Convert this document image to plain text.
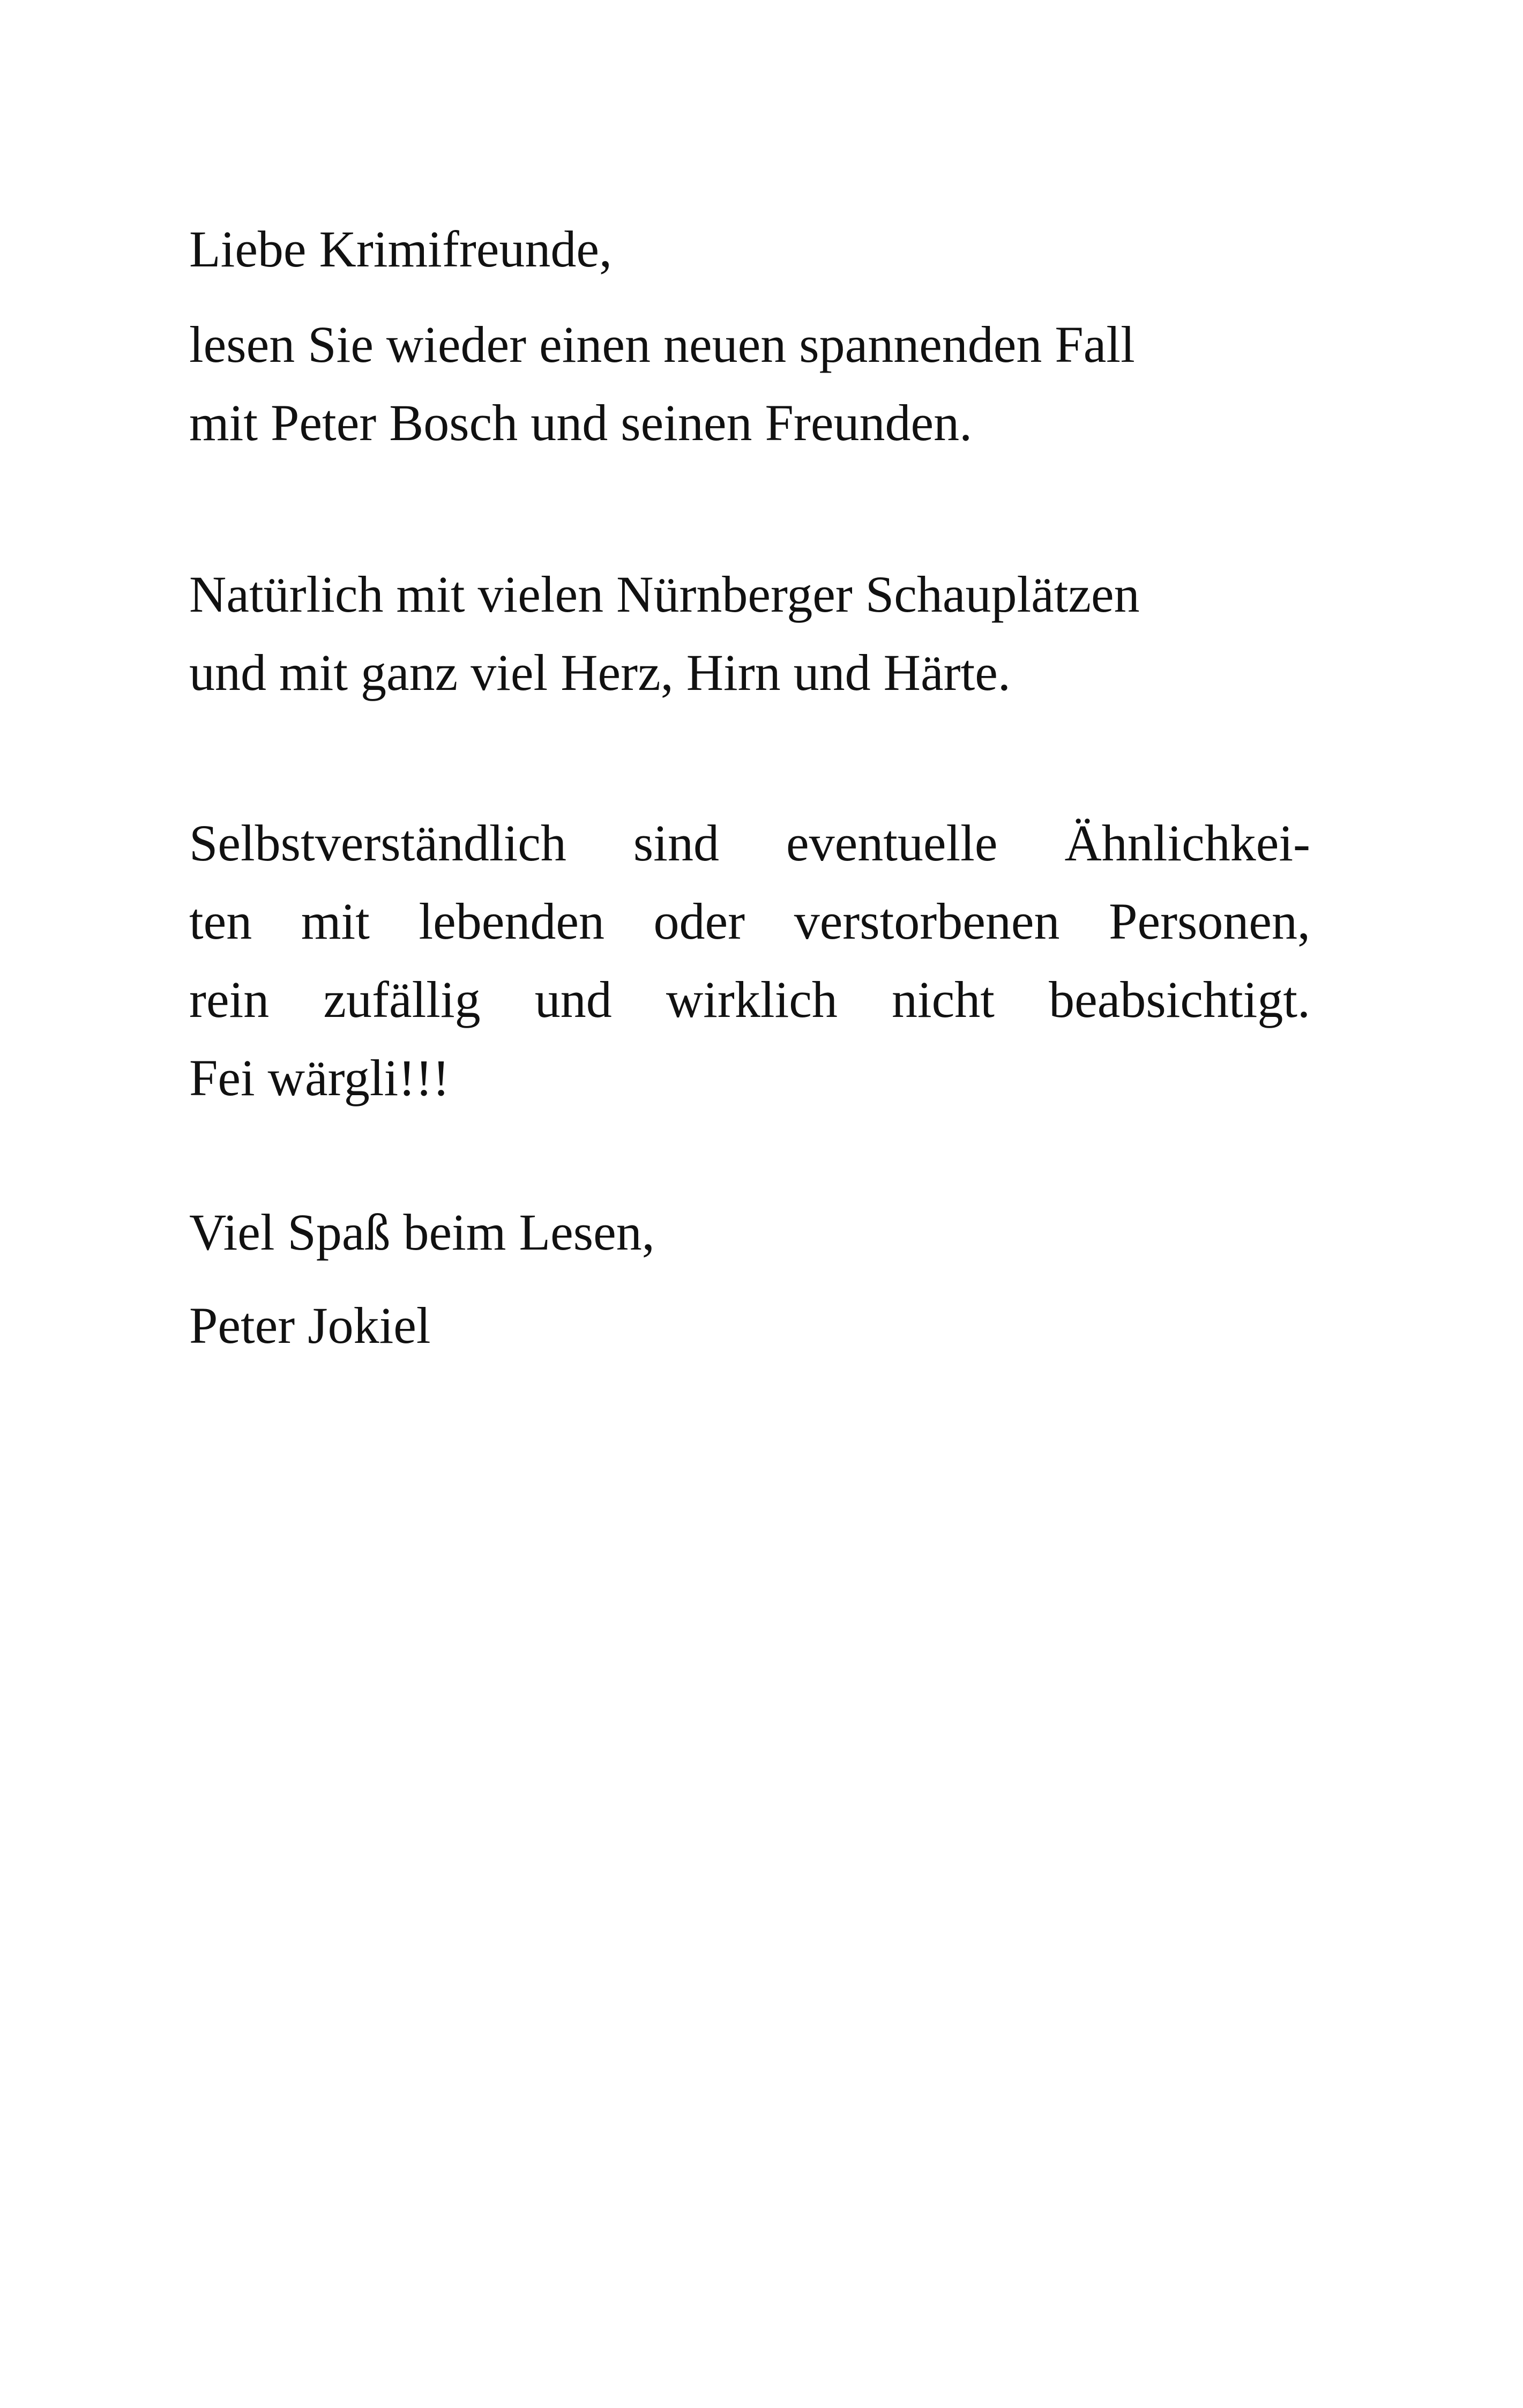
Liebe Krimifreunde,

lesen Sie wieder einen neuen spannenden Fall
mit Peter Bosch und seinen Freunden.

Natürlich mit vielen Nürnberger Schauplätzen
und mit ganz viel Herz, Hirn und Härte.

Selbstverständlich sind eventuelle Ähnlichkei-
ten mit lebenden oder verstorbenen Personen,
rein zufällig und wirklich nicht beabsichtigt.
Fei wärgli!!!

Viel Spaß beim Lesen,

Peter Jokiel
